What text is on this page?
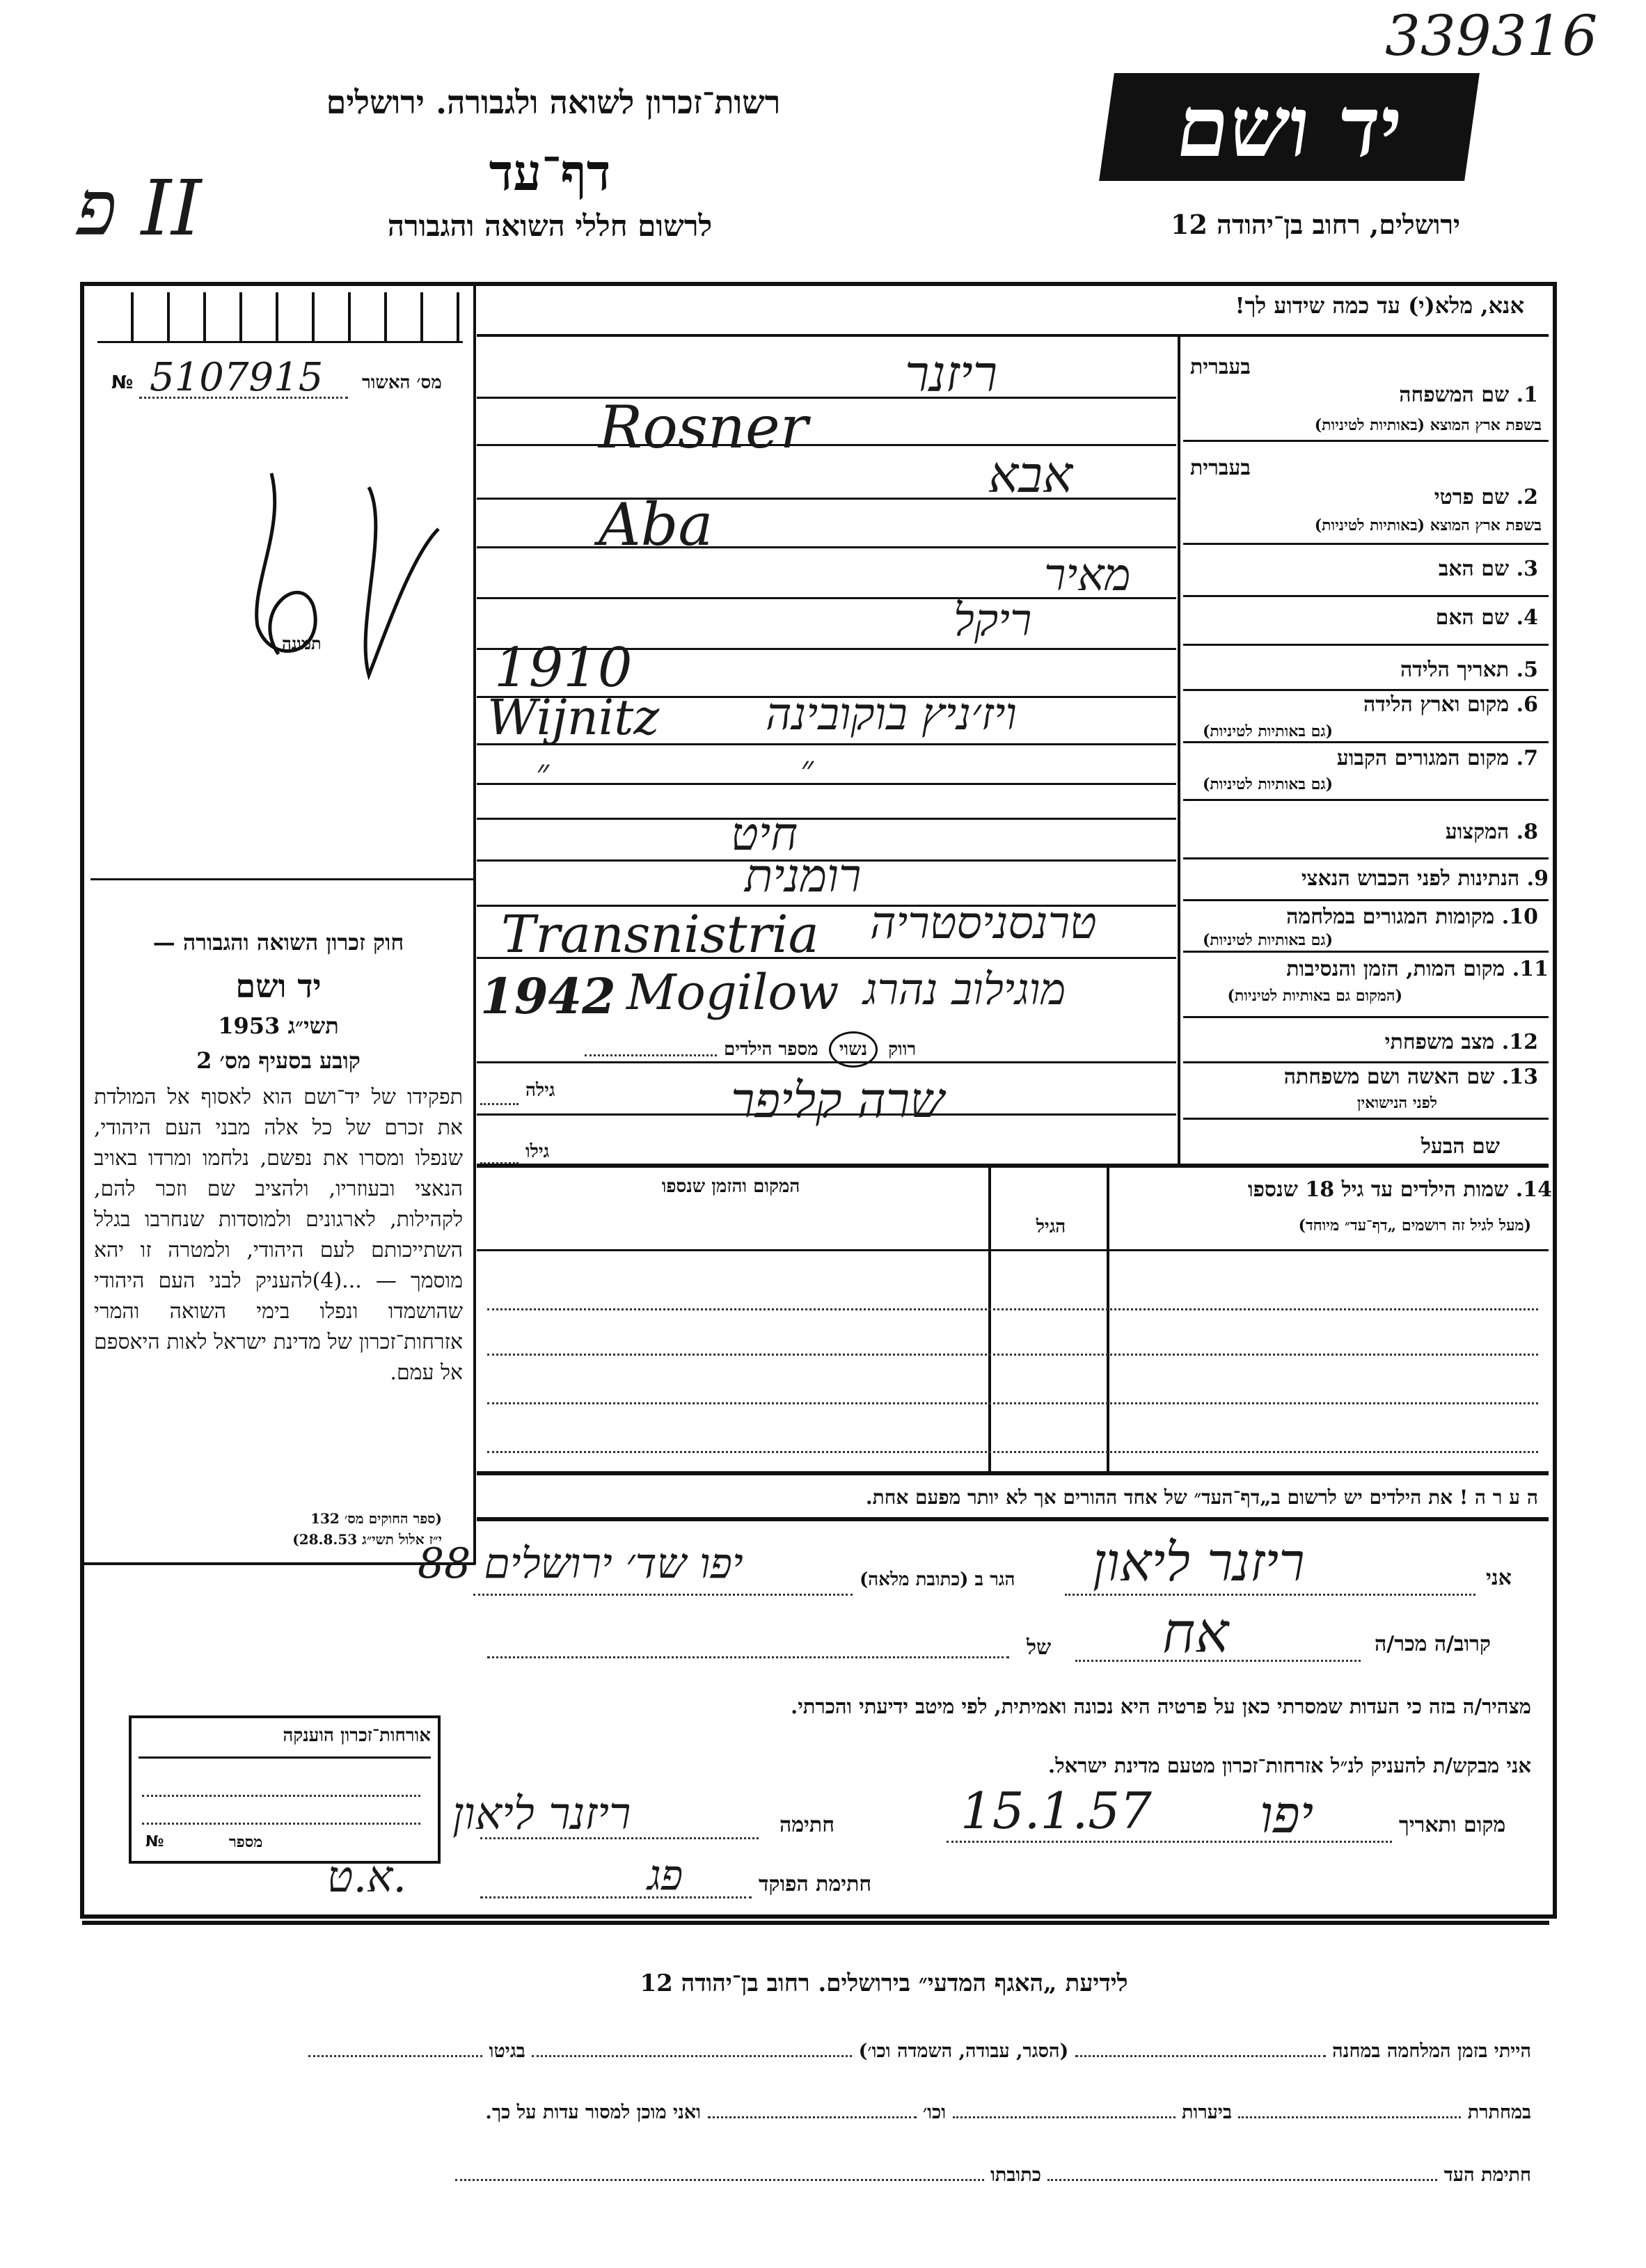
339316
יד ושם
רשות־זכרון לשואה ולגבורה. ירושלים
דף־עד
לרשום חללי השואה והגבורה	ירושלים, רחוב בן־יהודה 12
פ II
מס׳ האשור
№ 5107915
תמונה
חוק זכרון השואה והגבורה —
יד ושם
תשי״ג 1953
קובע בסעיף מס׳ 2
תפקידו של יד־ושם הוא לאסוף אל המולדת את זכרם של כל אלה מבני העם היהודי, שנפלו ומסרו את נפשם, נלחמו ומרדו באויב הנאצי ובעוזריו, ולהציב שם וזכר להם, לקהילות, לארגונים ולמוסדות שנחרבו בגלל השתייכותם לעם היהודי, ולמטרה זו יהא מוסמך — ...(4)להעניק לבני העם היהודי שהושמדו ונפלו בימי השואה והמרי אזרחות־זכרון של מדינת ישראל לאות היאספם אל עמם.
(ספר החוקים מס׳ 132
י״ז אלול תשי״ג 28.8.53)
אנא, מלא(י) עד כמה שידוע לך!
בעברית
1. שם המשפחה
בשפת ארץ המוצא (באותיות לטיניות)
בעברית
2. שם פרטי
בשפת ארץ המוצא (באותיות לטיניות)
3. שם האב
4. שם האם
5. תאריך הלידה
6. מקום וארץ הלידה
(גם באותיות לטיניות)
7. מקום המגורים הקבוע
(גם באותיות לטיניות)
8. המקצוע
9. הנתינות לפני הכבוש הנאצי
10. מקומות המגורים במלחמה
(גם באותיות לטיניות)
11. מקום המות, הזמן והנסיבות
(המקום גם באותיות לטיניות)
12. מצב משפחתי
13. שם האשה ושם משפחתה
לפני הנישואין
שם הבעל
ריזנר
Rosner
אבא
Aba
מאיר
ריקל
1910
ויז׳ניץ בוקובינה
Wijnitz
״
״
חיט
רומנית
טרנסניסטריה
Transnistria
מוגילוב נהרג
Mogilow
1942
רווק נשוי מספר הילדים
שרה קליפר
גילה
גילו
14. שמות הילדים עד גיל 18 שנספו
(מעל לגיל זה רושמים „דף־עד״ מיוחד)
הגיל
המקום והזמן שנספו
ה ע ר ה ! את הילדים יש לרשום ב„דף־העד״ של אחד ההורים אך לא יותר מפעם אחת.
אני
ריזנר ליאון
הגר ב (כתובת מלאה)
יפו שד׳ ירושלים 88
קרוב/ה מכר/ה
אח
של
מצהיר/ה בזה כי העדות שמסרתי כאן על פרטיה היא נכונה ואמיתית, לפי מיטב ידיעתי והכרתי.
אני מבקש/ת להעניק לנ״ל אזרחות־זכרון מטעם מדינת ישראל.
מקום ותאריך
יפו
15.1.57
חתימה
ריזנר ליאון
חתימת הפוקד
פג
א.ט.
אורחות־זכרון הוענקה
מספר
№
לידיעת „האגף המדעי״ בירושלים. רחוב בן־יהודה 12
הייתי בזמן המלחמה במחנה  (הסגר, עבודה, השמדה וכו׳)  בגיטו
במחתרת  ביערות  וכו׳  ואני מוכן למסור עדות על כך.
חתימת העד  כתובתו
